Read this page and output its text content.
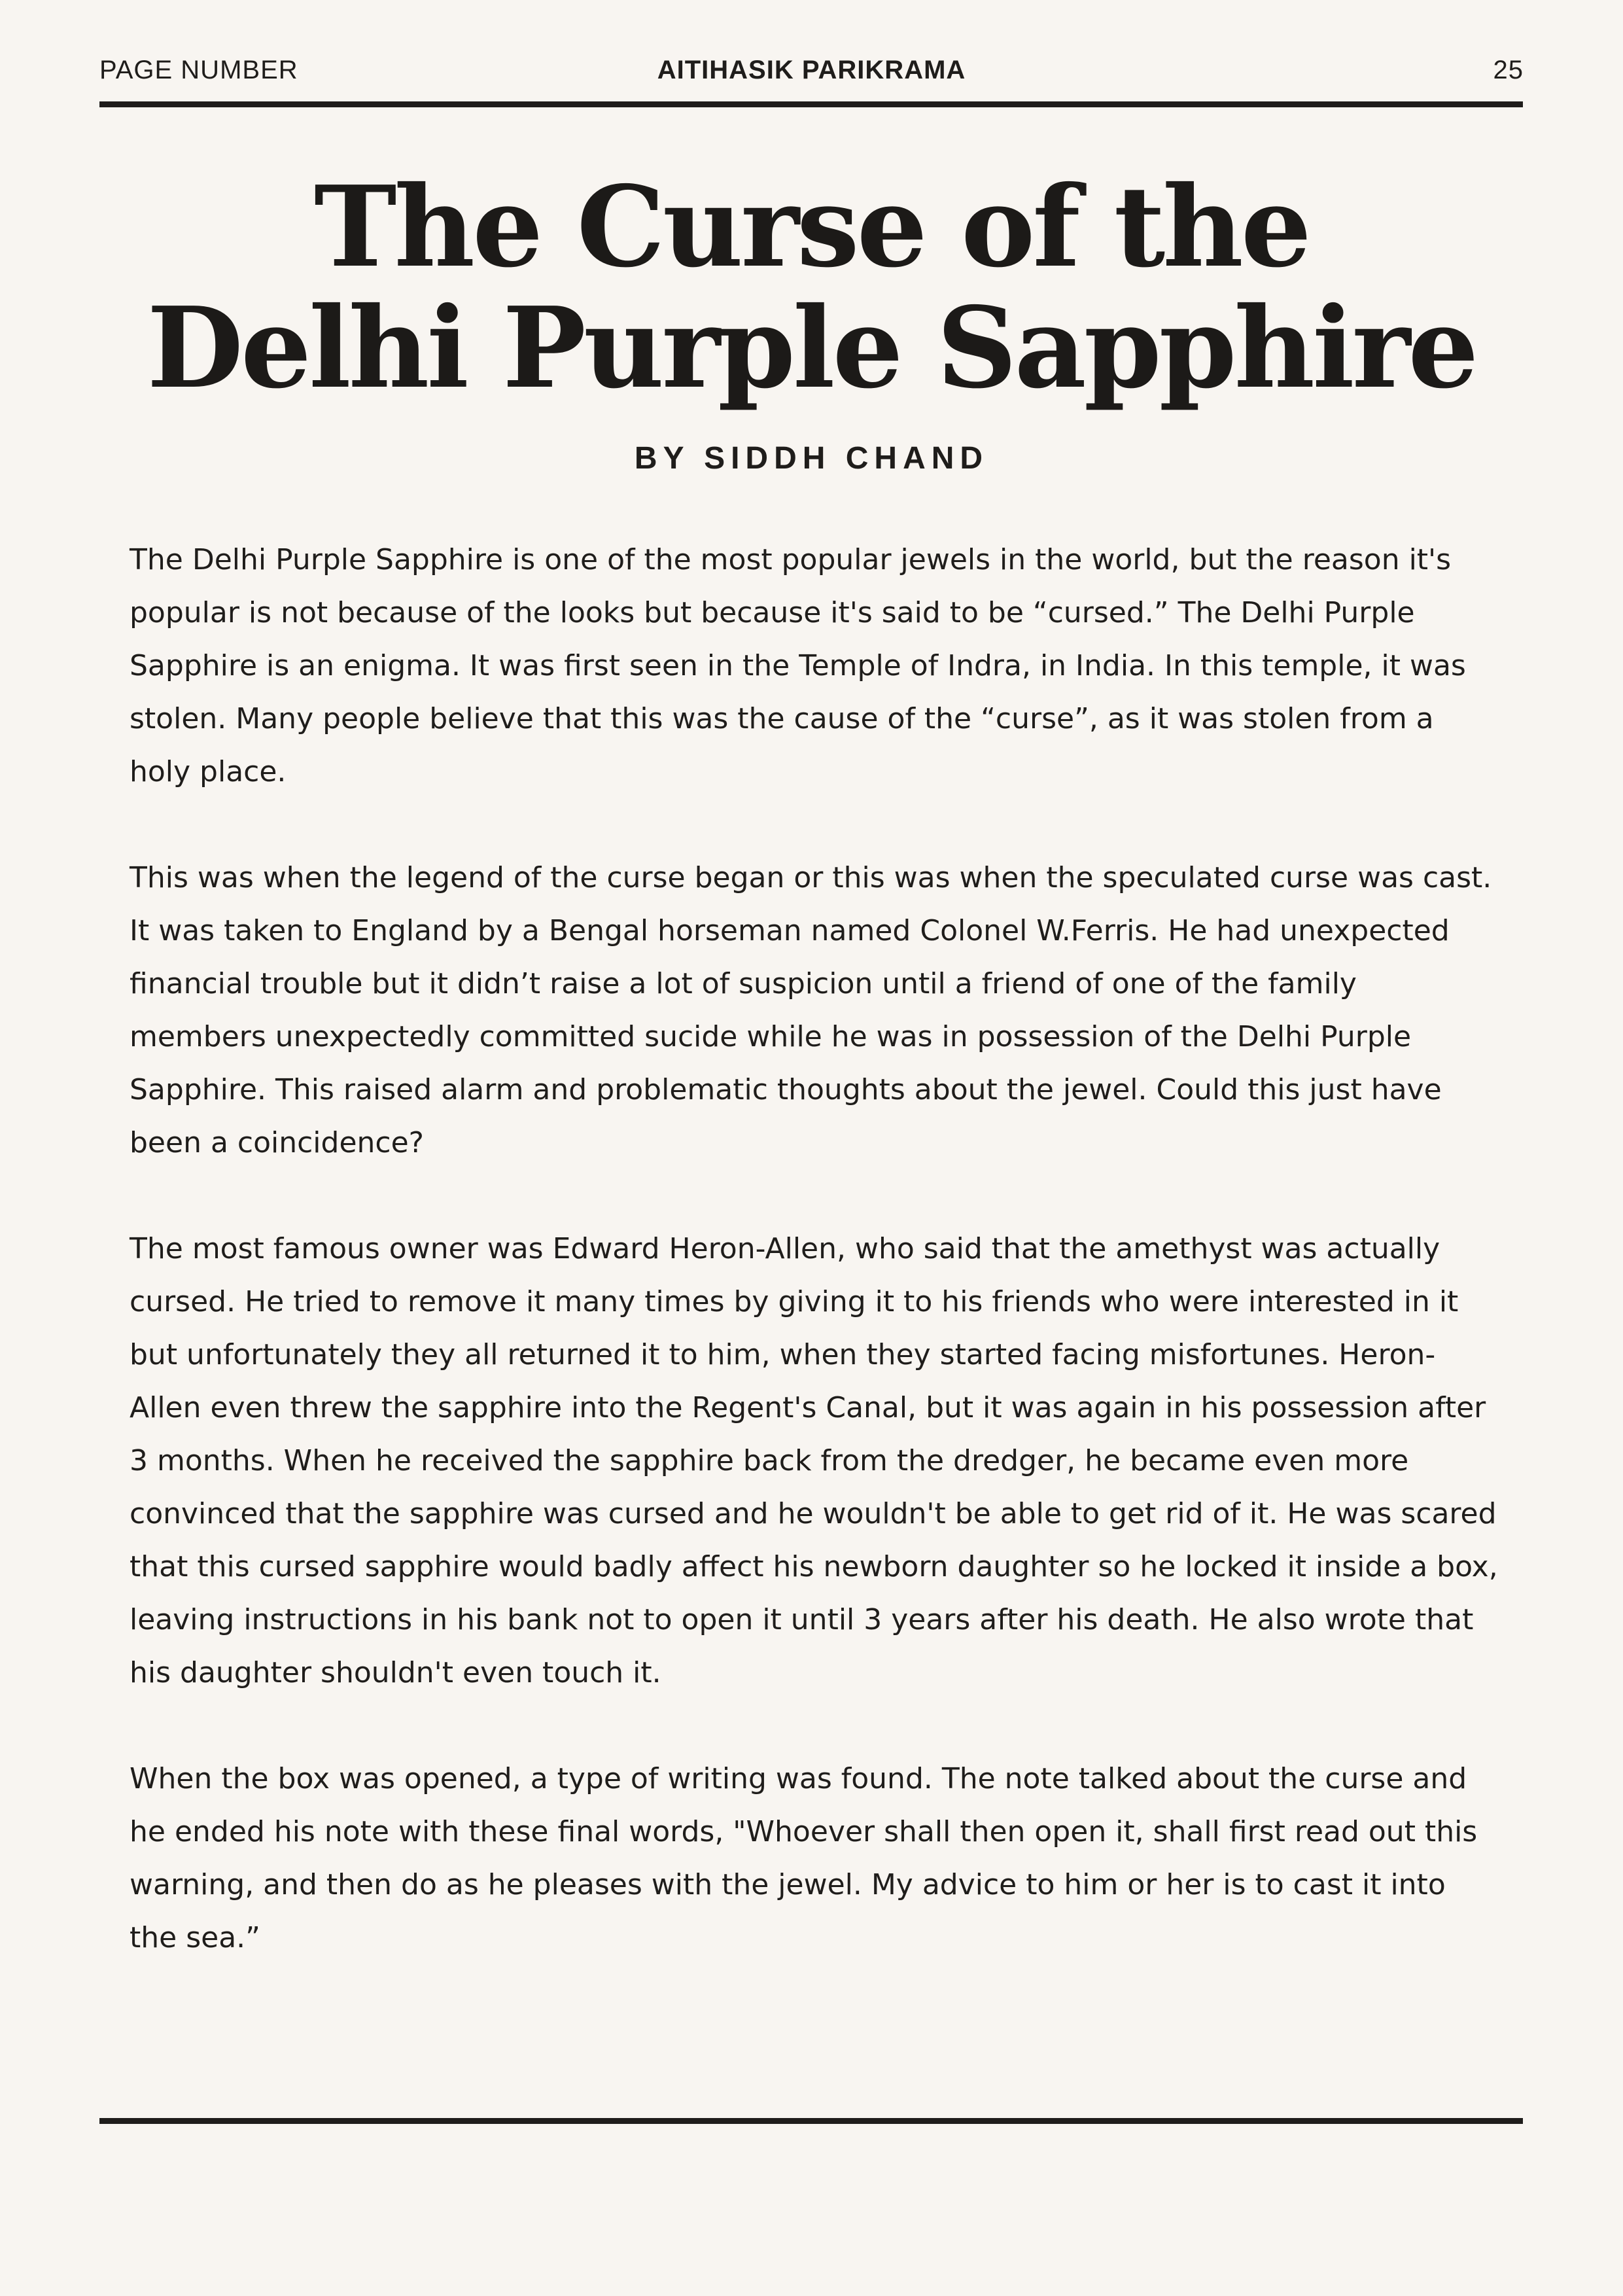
PAGE NUMBER	AITIHASIK PARIKRAMA	25
The Curse of the
Delhi Purple Sapphire
BY SIDDH CHAND

The Delhi Purple Sapphire is one of the most popular jewels in the world, but the reason it's popular is not because of the looks but because it's said to be “cursed.” The Delhi Purple Sapphire is an enigma. It was first seen in the Temple of Indra, in India. In this temple, it was stolen. Many people believe that this was the cause of the “curse”, as it was stolen from a holy place.

This was when the legend of the curse began or this was when the speculated curse was cast. It was taken to England by a Bengal horseman named Colonel W.Ferris. He had unexpected financial trouble but it didn’t raise a lot of suspicion until a friend of one of the family members unexpectedly committed sucide while he was in possession of the Delhi Purple Sapphire. This raised alarm and problematic thoughts about the jewel. Could this just have been a coincidence?

The most famous owner was Edward Heron-Allen, who said that the amethyst was actually cursed. He tried to remove it many times by giving it to his friends who were interested in it but unfortunately they all returned it to him, when they started facing misfortunes. Heron-Allen even threw the sapphire into the Regent's Canal, but it was again in his possession after 3 months. When he received the sapphire back from the dredger, he became even more convinced that the sapphire was cursed and he wouldn't be able to get rid of it. He was scared that this cursed sapphire would badly affect his newborn daughter so he locked it inside a box, leaving instructions in his bank not to open it until 3 years after his death. He also wrote that his daughter shouldn't even touch it.

When the box was opened, a type of writing was found. The note talked about the curse and he ended his note with these final words, "Whoever shall then open it, shall first read out this warning, and then do as he pleases with the jewel. My advice to him or her is to cast it into the sea.”
